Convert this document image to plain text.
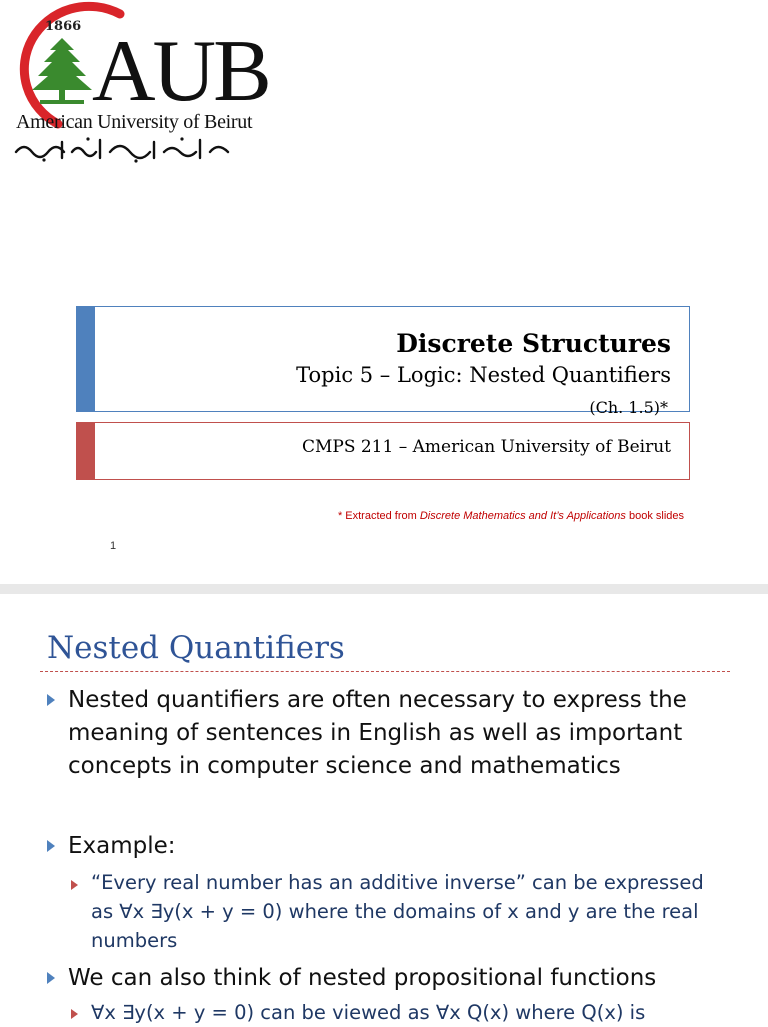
1866 AUB
American University of Beirut
Discrete Structures
Topic 5 – Logic: Nested Quantifiers
(Ch. 1.5)*
CMPS 211 – American University of Beirut
* Extracted from Discrete Mathematics and It’s Applications book slides
1
Nested Quantifiers
Nested quantifiers are often necessary to express the meaning of sentences in English as well as important concepts in computer science and mathematics
Example:
“Every real number has an additive inverse” can be expressed as ∀x ∃y(x + y = 0) where the domains of x and y are the real numbers
We can also think of nested propositional functions
∀x ∃y(x + y = 0) can be viewed as ∀x Q(x) where Q(x) is
